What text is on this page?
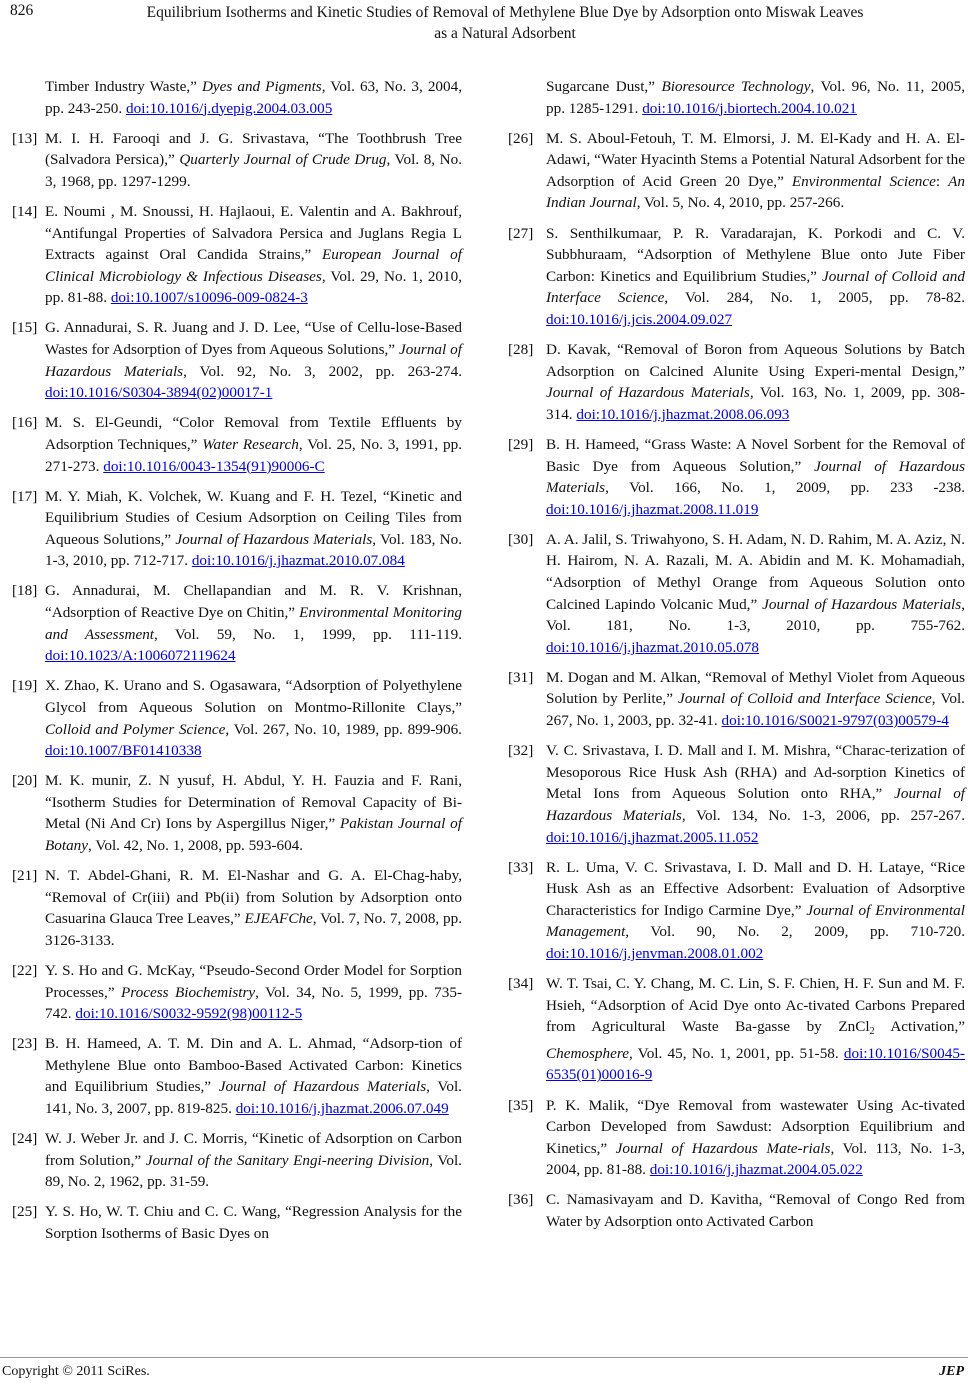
826	Equilibrium Isotherms and Kinetic Studies of Removal of Methylene Blue Dye by Adsorption onto Miswak Leaves
as a Natural Adsorbent
Timber Industry Waste,” Dyes and Pigments, Vol. 63, No. 3, 2004, pp. 243-250. doi:10.1016/j.dyepig.2004.03.005
[13] M. I. H. Farooqi and J. G. Srivastava, “The Toothbrush Tree (Salvadora Persica),” Quarterly Journal of Crude Drug, Vol. 8, No. 3, 1968, pp. 1297-1299.
[14] E. Noumi , M. Snoussi, H. Hajlaoui, E. Valentin and A. Bakhrouf, “Antifungal Properties of Salvadora Persica and Juglans Regia L Extracts against Oral Candida Strains,” European Journal of Clinical Microbiology & Infectious Diseases, Vol. 29, No. 1, 2010, pp. 81-88. doi:10.1007/s10096-009-0824-3
[15] G. Annadurai, S. R. Juang and J. D. Lee, “Use of Cellu-lose-Based Wastes for Adsorption of Dyes from Aqueous Solutions,” Journal of Hazardous Materials, Vol. 92, No. 3, 2002, pp. 263-274. doi:10.1016/S0304-3894(02)00017-1
[16] M. S. El-Geundi, “Color Removal from Textile Effluents by Adsorption Techniques,” Water Research, Vol. 25, No. 3, 1991, pp. 271-273. doi:10.1016/0043-1354(91)90006-C
[17] M. Y. Miah, K. Volchek, W. Kuang and F. H. Tezel, “Kinetic and Equilibrium Studies of Cesium Adsorption on Ceiling Tiles from Aqueous Solutions,” Journal of Hazardous Materials, Vol. 183, No. 1-3, 2010, pp. 712-717. doi:10.1016/j.jhazmat.2010.07.084
[18] G. Annadurai, M. Chellapandian and M. R. V. Krishnan, “Adsorption of Reactive Dye on Chitin,” Environmental Monitoring and Assessment, Vol. 59, No. 1, 1999, pp. 111-119. doi:10.1023/A:1006072119624
[19] X. Zhao, K. Urano and S. Ogasawara, “Adsorption of Polyethylene Glycol from Aqueous Solution on Montmo-Rillonite Clays,” Colloid and Polymer Science, Vol. 267, No. 10, 1989, pp. 899-906. doi:10.1007/BF01410338
[20] M. K. munir, Z. N yusuf, H. Abdul, Y. H. Fauzia and F. Rani, “Isotherm Studies for Determination of Removal Capacity of Bi-Metal (Ni And Cr) Ions by Aspergillus Niger,” Pakistan Journal of Botany, Vol. 42, No. 1, 2008, pp. 593-604.
[21] N. T. Abdel-Ghani, R. M. El-Nashar and G. A. El-Chag-haby, “Removal of Cr(iii) and Pb(ii) from Solution by Adsorption onto Casuarina Glauca Tree Leaves,” EJEAFChe, Vol. 7, No. 7, 2008, pp. 3126-3133.
[22] Y. S. Ho and G. McKay, “Pseudo-Second Order Model for Sorption Processes,” Process Biochemistry, Vol. 34, No. 5, 1999, pp. 735-742. doi:10.1016/S0032-9592(98)00112-5
[23] B. H. Hameed, A. T. M. Din and A. L. Ahmad, “Adsorp-tion of Methylene Blue onto Bamboo-Based Activated Carbon: Kinetics and Equilibrium Studies,” Journal of Hazardous Materials, Vol. 141, No. 3, 2007, pp. 819-825. doi:10.1016/j.jhazmat.2006.07.049
[24] W. J. Weber Jr. and J. C. Morris, “Kinetic of Adsorption on Carbon from Solution,” Journal of the Sanitary Engi-neering Division, Vol. 89, No. 2, 1962, pp. 31-59.
[25] Y. S. Ho, W. T. Chiu and C. C. Wang, “Regression Analysis for the Sorption Isotherms of Basic Dyes on
Sugarcane Dust,” Bioresource Technology, Vol. 96, No. 11, 2005, pp. 1285-1291. doi:10.1016/j.biortech.2004.10.021
[26] M. S. Aboul-Fetouh, T. M. Elmorsi, J. M. El-Kady and H. A. El-Adawi, “Water Hyacinth Stems a Potential Natural Adsorbent for the Adsorption of Acid Green 20 Dye,” Environmental Science: An Indian Journal, Vol. 5, No. 4, 2010, pp. 257-266.
[27] S. Senthilkumaar, P. R. Varadarajan, K. Porkodi and C. V. Subbhuraam, “Adsorption of Methylene Blue onto Jute Fiber Carbon: Kinetics and Equilibrium Studies,” Journal of Colloid and Interface Science, Vol. 284, No. 1, 2005, pp. 78-82. doi:10.1016/j.jcis.2004.09.027
[28] D. Kavak, “Removal of Boron from Aqueous Solutions by Batch Adsorption on Calcined Alunite Using Experi-mental Design,” Journal of Hazardous Materials, Vol. 163, No. 1, 2009, pp. 308- 314. doi:10.1016/j.jhazmat.2008.06.093
[29] B. H. Hameed, “Grass Waste: A Novel Sorbent for the Removal of Basic Dye from Aqueous Solution,” Journal of Hazardous Materials, Vol. 166, No. 1, 2009, pp. 233 -238. doi:10.1016/j.jhazmat.2008.11.019
[30] A. A. Jalil, S. Triwahyono, S. H. Adam, N. D. Rahim, M. A. Aziz, N. H. Hairom, N. A. Razali, M. A. Abidin and M. K. Mohamadiah, “Adsorption of Methyl Orange from Aqueous Solution onto Calcined Lapindo Volcanic Mud,” Journal of Hazardous Materials, Vol. 181, No. 1-3, 2010, pp. 755-762. doi:10.1016/j.jhazmat.2010.05.078
[31] M. Dogan and M. Alkan, “Removal of Methyl Violet from Aqueous Solution by Perlite,” Journal of Colloid and Interface Science, Vol. 267, No. 1, 2003, pp. 32-41. doi:10.1016/S0021-9797(03)00579-4
[32] V. C. Srivastava, I. D. Mall and I. M. Mishra, “Charac-terization of Mesoporous Rice Husk Ash (RHA) and Ad-sorption Kinetics of Metal Ions from Aqueous Solution onto RHA,” Journal of Hazardous Materials, Vol. 134, No. 1-3, 2006, pp. 257-267. doi:10.1016/j.jhazmat.2005.11.052
[33] R. L. Uma, V. C. Srivastava, I. D. Mall and D. H. Lataye, “Rice Husk Ash as an Effective Adsorbent: Evaluation of Adsorptive Characteristics for Indigo Carmine Dye,” Journal of Environmental Management, Vol. 90, No. 2, 2009, pp. 710-720. doi:10.1016/j.jenvman.2008.01.002
[34] W. T. Tsai, C. Y. Chang, M. C. Lin, S. F. Chien, H. F. Sun and M. F. Hsieh, “Adsorption of Acid Dye onto Ac-tivated Carbons Prepared from Agricultural Waste Ba-gasse by ZnCl2 Activation,” Chemosphere, Vol. 45, No. 1, 2001, pp. 51-58. doi:10.1016/S0045-6535(01)00016-9
[35] P. K. Malik, “Dye Removal from wastewater Using Ac-tivated Carbon Developed from Sawdust: Adsorption Equilibrium and Kinetics,” Journal of Hazardous Mate-rials, Vol. 113, No. 1-3, 2004, pp. 81-88. doi:10.1016/j.jhazmat.2004.05.022
[36] C. Namasivayam and D. Kavitha, “Removal of Congo Red from Water by Adsorption onto Activated Carbon
Copyright © 2011 SciRes.	JEP
